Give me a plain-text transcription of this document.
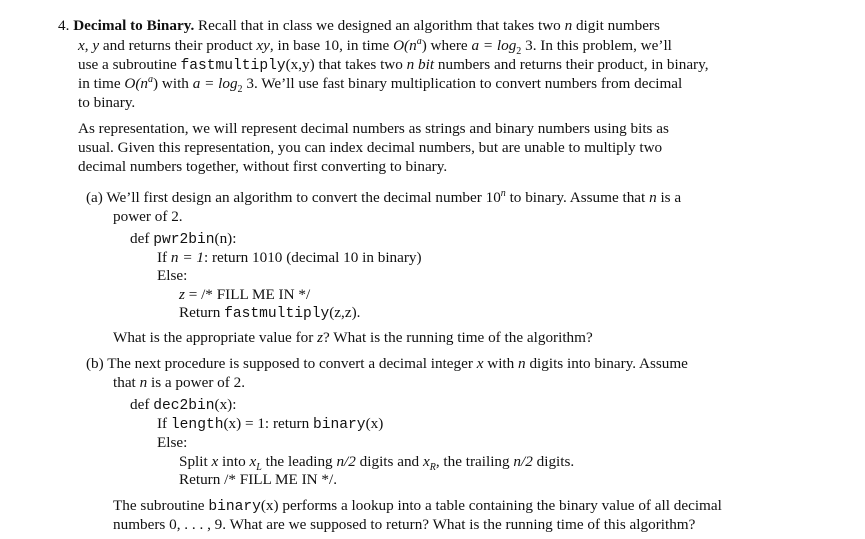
4. Decimal to Binary. Recall that in class we designed an algorithm that takes two n digit numbers
x, y and returns their product xy, in base 10, in time $O(n^a)$ where $a = \log_2 3$. In this problem, we’ll
use a subroutine fastmultiply(x,y) that takes two n bit numbers and returns their product, in binary,
in time $O(n^a)$ with $a = \log_2 3$. We’ll use fast binary multiplication to convert numbers from decimal
to binary.
As representation, we will represent decimal numbers as strings and binary numbers using bits as
usual. Given this representation, you can index decimal numbers, but are unable to multiply two
decimal numbers together, without first converting to binary.
(a) We’ll first design an algorithm to convert the decimal number 10$^n$ to binary. Assume that n is a
power of 2.
def pwr2bin(n):
If n = 1: return 1010 (decimal 10 in binary)
Else:
z = /* FILL ME IN */
Return fastmultiply(z,z).
What is the appropriate value for z? What is the running time of the algorithm?
(b) The next procedure is supposed to convert a decimal integer x with n digits into binary. Assume
that n is a power of 2.
def dec2bin(x):
If length(x) = 1: return binary(x)
Else:
Split x into $x_L$ the leading n/2 digits and $x_R$, the trailing n/2 digits.
Return /* FILL ME IN */.
The subroutine binary(x) performs a lookup into a table containing the binary value of all decimal
numbers 0, . . . , 9. What are we supposed to return? What is the running time of this algorithm?
